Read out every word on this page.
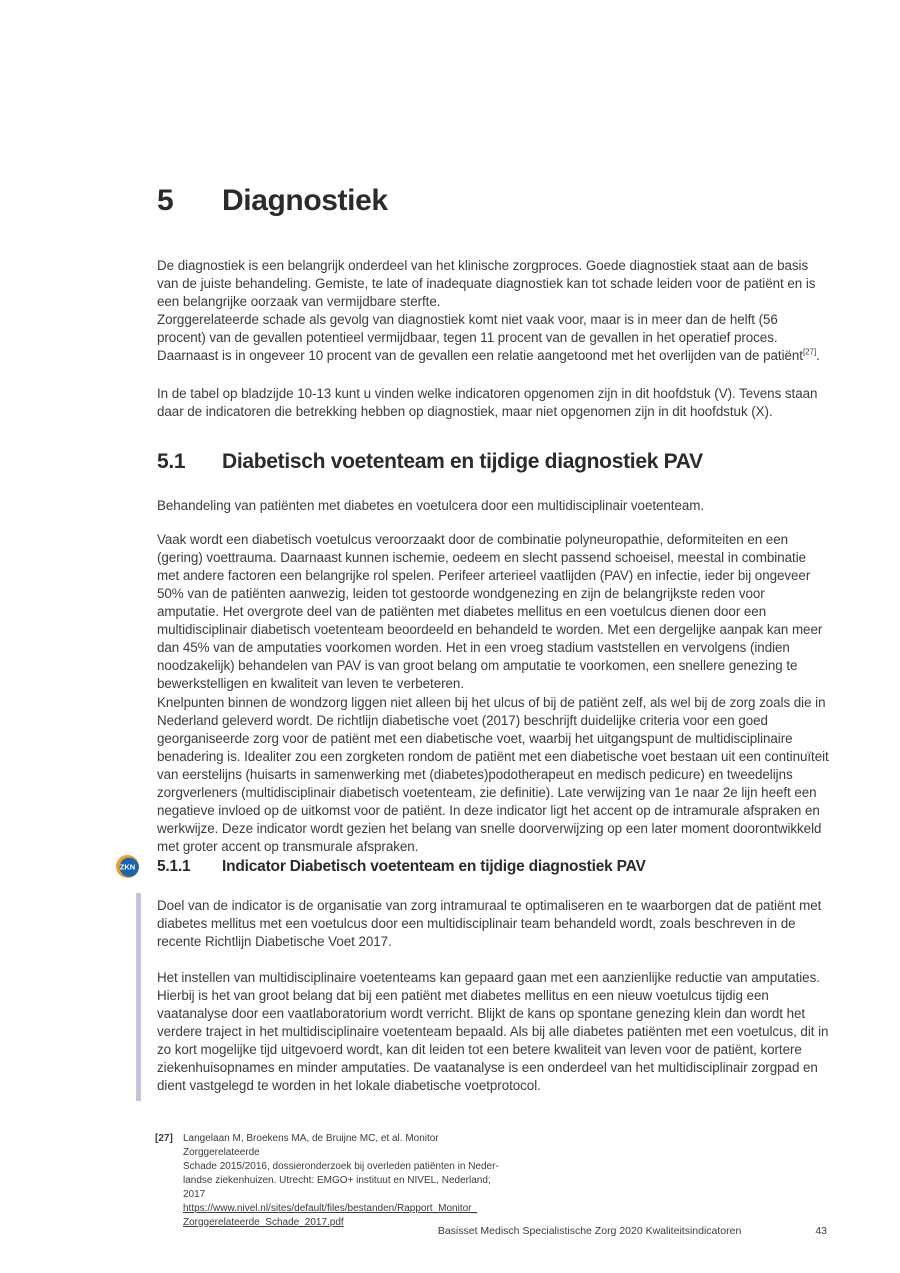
5	Diagnostiek

De diagnostiek is een belangrijk onderdeel van het klinische zorgproces. Goede diagnostiek staat aan de basis van de juiste behandeling. Gemiste, te late of inadequate diagnostiek kan tot schade leiden voor de patiënt en is een belangrijke oorzaak van vermijdbare sterfte.

Zorggerelateerde schade als gevolg van diagnostiek komt niet vaak voor, maar is in meer dan de helft (56 procent) van de gevallen potentieel vermijdbaar, tegen 11 procent van de gevallen in het operatief proces. Daarnaast is in ongeveer 10 procent van de gevallen een relatie aangetoond met het overlijden van de patiënt[27].

In de tabel op bladzijde 10-13 kunt u vinden welke indicatoren opgenomen zijn in dit hoofdstuk (V). Tevens staan daar de indicatoren die betrekking hebben op diagnostiek, maar niet opgenomen zijn in dit hoofdstuk (X).

5.1	Diabetisch voetenteam en tijdige diagnostiek PAV

Behandeling van patiënten met diabetes en voetulcera door een multidisciplinair voetenteam.

Vaak wordt een diabetisch voetulcus veroorzaakt door de combinatie polyneuropathie, deformiteiten en een (gering) voettrauma. Daarnaast kunnen ischemie, oedeem en slecht passend schoeisel, meestal in combinatie met andere factoren een belangrijke rol spelen. Perifeer arterieel vaatlijden (PAV) en infectie, ieder bij ongeveer 50% van de patiënten aanwezig, leiden tot gestoorde wondgenezing en zijn de belangrijkste reden voor amputatie. Het overgrote deel van de patiënten met diabetes mellitus en een voetulcus dienen door een multidisciplinair diabetisch voetenteam beoordeeld en behandeld te worden. Met een dergelijke aanpak kan meer dan 45% van de amputaties voorkomen worden. Het in een vroeg stadium vaststellen en vervolgens (indien noodzakelijk) behandelen van PAV is van groot belang om amputatie te voorkomen, een snellere genezing te bewerkstelligen en kwaliteit van leven te verbeteren.

Knelpunten binnen de wondzorg liggen niet alleen bij het ulcus of bij de patiënt zelf, als wel bij de zorg zoals die in Nederland geleverd wordt. De richtlijn diabetische voet (2017) beschrijft duidelijke criteria voor een goed georganiseerde zorg voor de patiënt met een diabetische voet, waarbij het uitgangspunt de multidisciplinaire benadering is. Idealiter zou een zorgketen rondom de patiënt met een diabetische voet bestaan uit een continuïteit van eerstelijns (huisarts in samenwerking met (diabetes)podotherapeut en medisch pedicure) en tweedelijns zorgverleners (multidisciplinair diabetisch voetenteam, zie definitie). Late verwijzing van 1e naar 2e lijn heeft een negatieve invloed op de uitkomst voor de patiënt. In deze indicator ligt het accent op de intramurale afspraken en werkwijze. Deze indicator wordt gezien het belang van snelle doorverwijzing op een later moment doorontwikkeld met groter accent op transmurale afspraken.

ZKN 5.1.1	Indicator Diabetisch voetenteam en tijdige diagnostiek PAV

Doel van de indicator is de organisatie van zorg intramuraal te optimaliseren en te waarborgen dat de patiënt met diabetes mellitus met een voetulcus door een multidisciplinair team behandeld wordt, zoals beschreven in de recente Richtlijn Diabetische Voet 2017.

Het instellen van multidisciplinaire voetenteams kan gepaard gaan met een aanzienlijke reductie van amputaties. Hierbij is het van groot belang dat bij een patiënt met diabetes mellitus en een nieuw voetulcus tijdig een vaatanalyse door een vaatlaboratorium wordt verricht. Blijkt de kans op spontane genezing klein dan wordt het verdere traject in het multidisciplinaire voetenteam bepaald. Als bij alle diabetes patiënten met een voetulcus, dit in zo kort mogelijke tijd uitgevoerd wordt, kan dit leiden tot een betere kwaliteit van leven voor de patiënt, kortere ziekenhuisopnames en minder amputaties. De vaatanalyse is een onderdeel van het multidisciplinair zorgpad en dient vastgelegd te worden in het lokale diabetische voetprotocol.

[27] Langelaan M, Broekens MA, de Bruijne MC, et al. Monitor Zorggerelateerde
Schade 2015/2016, dossieronderzoek bij overleden patiënten in Neder-
landse ziekenhuizen. Utrecht: EMGO+ instituut en NIVEL, Nederland; 2017
https://www.nivel.nl/sites/default/files/bestanden/Rapport_Monitor_
Zorggerelateerde_Schade_2017.pdf
Basisset Medisch Specialistische Zorg 2020 Kwaliteitsindicatoren	43
